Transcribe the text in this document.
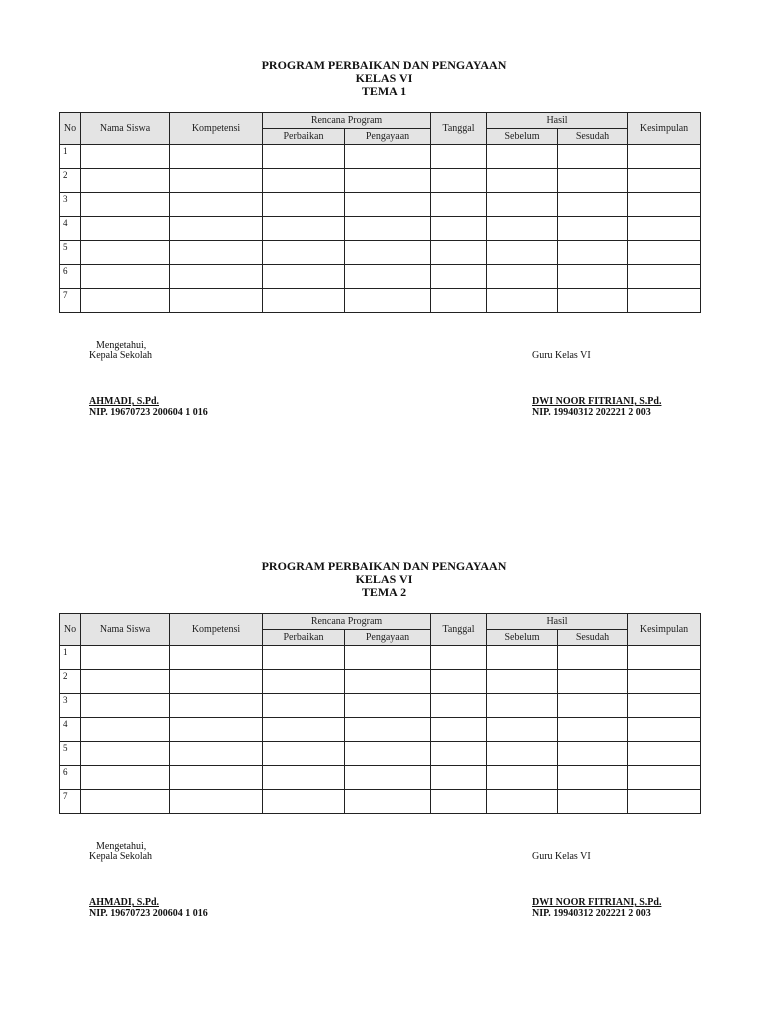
PROGRAM PERBAIKAN DAN PENGAYAAN
KELAS VI
TEMA 1
No	Nama Siswa	Kompetensi	Rencana Program		Tanggal	Hasil		Kesimpulan
			Perbaikan	Pengayaan		Sebelum	Sesudah	
1								
2								
3								
4								
5								
6								
7								
Mengetahui,
Kepala Sekolah
AHMADI, S.Pd.
NIP. 19670723 200604 1 016
Guru Kelas VI
DWI NOOR FITRIANI, S.Pd.
NIP. 19940312 202221 2 003
PROGRAM PERBAIKAN DAN PENGAYAAN
KELAS VI
TEMA 2
No	Nama Siswa	Kompetensi	Rencana Program		Tanggal	Hasil		Kesimpulan
			Perbaikan	Pengayaan		Sebelum	Sesudah	
1								
2								
3								
4								
5								
6								
7								
Mengetahui,
Kepala Sekolah
AHMADI, S.Pd.
NIP. 19670723 200604 1 016
Guru Kelas VI
DWI NOOR FITRIANI, S.Pd.
NIP. 19940312 202221 2 003
